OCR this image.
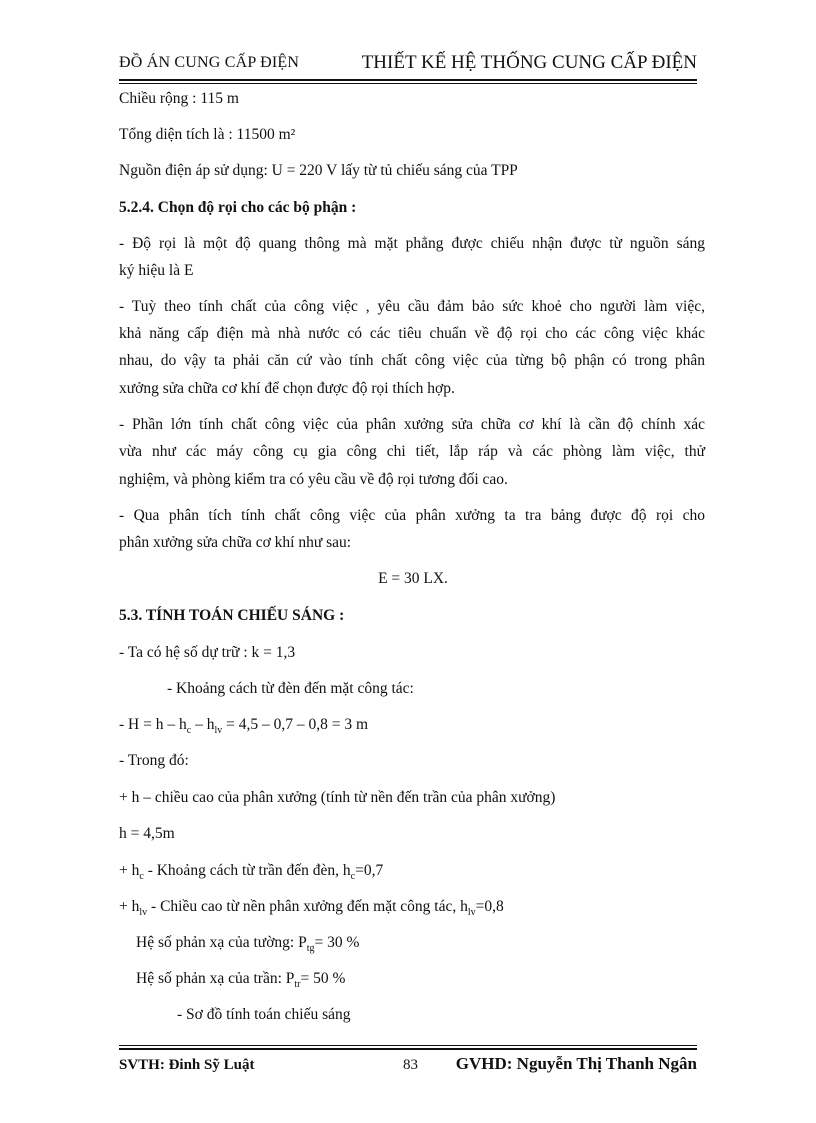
ĐỒ ÁN CUNG CẤP ĐIỆN	THIẾT KẾ HỆ THỐNG CUNG CẤP ĐIỆN
Chiều rộng : 115 m
Tổng diện tích là : 11500 m²
Nguồn điện áp sử dụng: U = 220 V lấy từ tủ chiếu sáng của TPP
5.2.4. Chọn độ rọi cho các bộ phận :
- Độ rọi là một độ quang thông mà mặt phẳng được chiếu nhận được từ nguồn sáng
ký hiệu là E
- Tuỳ theo tính chất của công việc , yêu cầu đảm bảo sức khoẻ cho người làm việc,
khả năng cấp điện mà nhà nước có các tiêu chuẩn về độ rọi cho các công việc khác
nhau, do vậy ta phải căn cứ vào tính chất công việc của từng bộ phận có trong phân
xưởng sửa chữa cơ khí để chọn được độ rọi thích hợp.
- Phần lớn tính chất công việc của phân xưởng sửa chữa cơ khí là cần độ chính xác
vừa như các máy công cụ gia công chi tiết, lắp ráp và các phòng làm việc, thử
nghiệm, và phòng kiểm tra có yêu cầu về độ rọi tương đối cao.
- Qua phân tích tính chất công việc của phân xưởng ta tra bảng được độ rọi cho
phân xưởng sửa chữa cơ khí như sau:
E = 30 LX.
5.3. TÍNH TOÁN CHIẾU SÁNG :
- Ta có hệ số dự trữ : k = 1,3
- Khoảng cách từ đèn đến mặt công tác:
- $H = h - h_c - h_{lv} = 4,5 - 0,7 - 0,8 = 3$ m
- Trong đó:
+ h – chiều cao của phân xưởng (tính từ nền đến trần của phân xưởng)
h = 4,5m
+ $h_c$ - Khoảng cách từ trần đến đèn, $h_c=0,7$
+ $h_{lv}$ - Chiều cao từ nền phân xưởng đến mặt công tác, $h_{lv}=0,8$
Hệ số phản xạ của tường: $P_{tg}= 30$ %
Hệ số phản xạ của trần: $P_{tr}= 50$ %
- Sơ đồ tính toán chiếu sáng
SVTH: Đinh Sỹ Luật	83 GVHD: Nguyễn Thị Thanh Ngân
